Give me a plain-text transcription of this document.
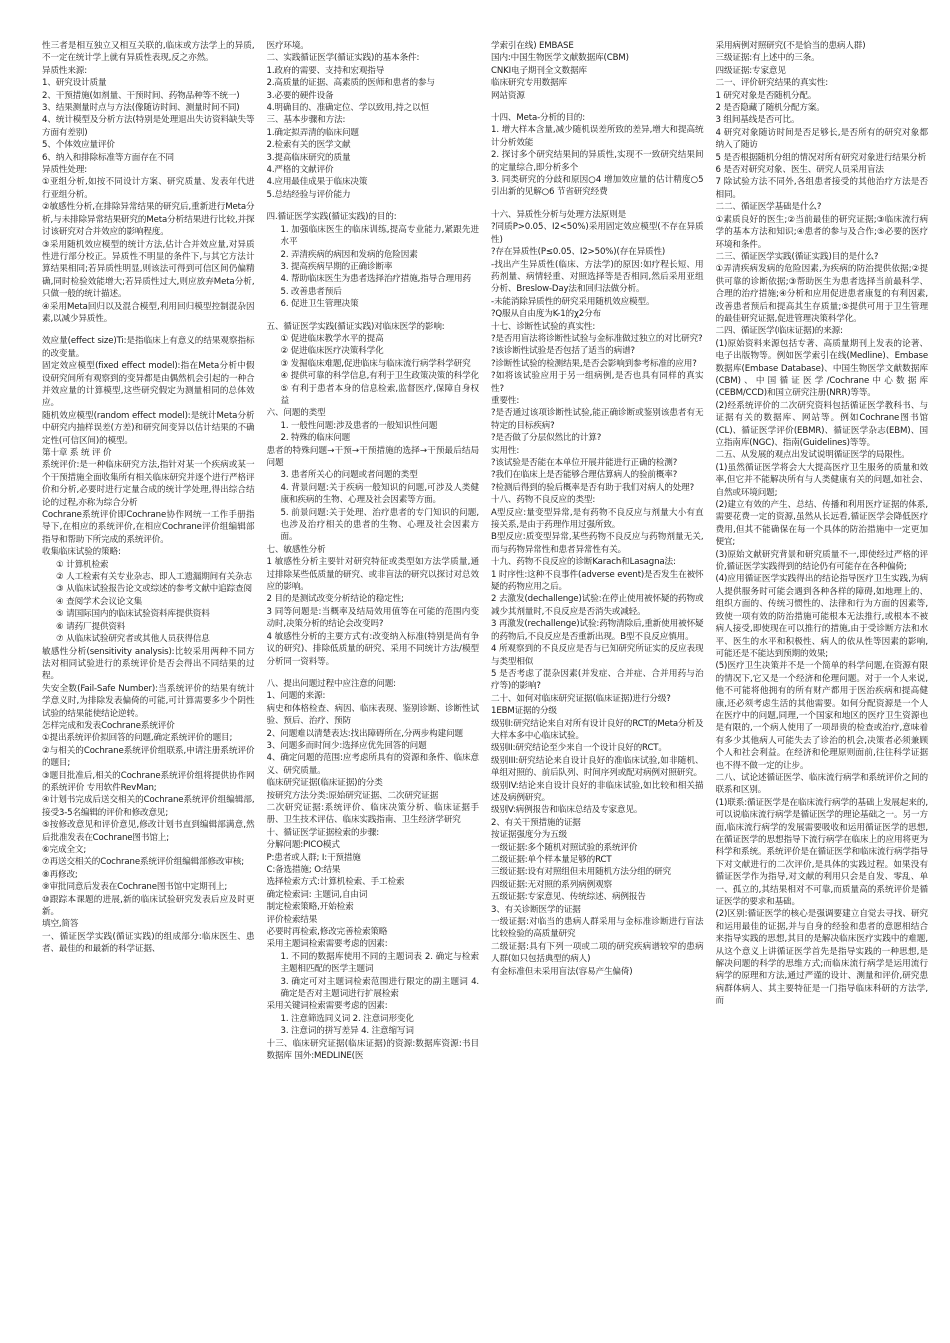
性三者是相互独立又相互关联的,临床或方法学上的异质,不一定在统计学上就有异质性表现,反之亦然。

异质性来源:

1、研究设计质量

2、干预措施(如剂量、干预时间、药物品种等不统一)

3、结果测量时点与方法(像随访时间、测量时间不同)

4、统计模型及分析方法(特别是处理退出失访资料缺失等方面有差别)

5、个体效应量评价

6、纳入和排除标准等方面存在不同

异质性处理:

①亚组分析,如按不同设计方案、研究质量、发表年代进行亚组分析。

②敏感性分析,在排除异常结果的研究后,重新进行Meta分析,与未排除异常结果研究的Meta分析结果进行比较,并探讨该研究对合并效应的影响程度。

③采用随机效应模型的统计方法,估计合并效应量,对异质性进行部分校正。异质性不明显的条件下,与其它方法计算结果相同;若异质性明显,则该法可得到可信区间仍偏精确,同时检验效能增大;若异质性过大,则应放弃Meta分析,只做一般的统计描述。

④采用Meta回归以及混合模型,利用回归模型控制混杂因素,以减少异质性。

效应量(effect size)Ti:是指临床上有意义的结果观察指标的改变量。

固定效应模型(fixed effect model):指在Meta分析中假设研究间所有观察到的变异都是由偶然机会引起的一种合并效应量的计算模型,这些研究假定为测量相同的总体效应。

随机效应模型(random effect model):是统计Meta分析中研究内抽样误差(方差)和研究间变异以估计结果的不确定性(可信区间)的模型。

第十章 系 统 评 价

系统评价:是一种临床研究方法,指针对某一个疾病或某一个干预措施全面收集所有相关临床研究并逐个进行严格评价和分析,必要时进行定量合成的统计学处理,得出综合结论的过程,亦称为综合分析

Cochrane系统评价即Cochrane协作网统一工作手册指导下,在相应的系统评价,在相应Cochrane评价组编辑部指导和帮助下所完成的系统评价。

收集临床试验的策略:

① 计算机检索

② 人工检索有关专业杂志、即人工遗漏期间有关杂志

③ 从临床试验报告论文或综述的参考文献中追踪查阅

④ 查阅学术会议论文集

⑤ 请国际国内的临床试验资料库提供资料

⑥ 请药厂提供资料

⑦ 从临床试验研究者或其他人员获得信息

敏感性分析(sensitivity analysis):比较采用两种不同方法对相同试验进行的系统评价是否会得出不同结果的过程。

失安全数(Fail-Safe Number):当系统评价的结果有统计学意义时,为排除发表偏倚的可能,可计算需要多少个阴性试验的结果能使结论逆转。

怎样完成和发表Cochrane系统评价

①提出系统评价拟回答的问题,确定系统评价的题目;

②与相关的Cochrane系统评价组联系,申请注册系统评价的题目;

③题目批准后,相关的Cochrane系统评价组将提供协作网的系统评价 专用软件RevMan;

④计划书完成后送交相关的Cochrane系统评价组编辑部,接受3-5名编辑的评价和修改意见;

⑤按修改意见和评价意见,修改计划书直到编辑部满意,然后批准发表在Cochrane图书馆上;

⑥完成全文;

⑦再送交相关的Cochrane系统评价组编辑部修改审核;

⑧再修改;

⑨审批同意后发表在Cochrane图书馆中定期刊上;

⑩跟踪本课题的进展,新的临床试验研究发表后应及时更新。

填空,简答

一、循证医学实践(循证实践)的组成部分:临床医生、患者、最佳的和最新的科学证据、

医疗环境。

二、实践循证医学(循证实践)的基本条件:

1.政府的需要、支持和宏观指导

2.高质量的证据、高素质的医师和患者的参与

3.必要的硬件设备

4.明确目的、准确定位、学以致用,持之以恒

三、基本步骤和方法:

1.确定拟弄清的临床问题

2.检索有关的医学文献

3.提高临床研究的质量

4.严格的文献评价

4.应用最佳成果于临床决策

5.总结经验与评价能力

四.循证医学实践(循证实践)的目的:

1. 加强临床医生的临床训练,提高专业能力,紧跟先进水平

2. 弄清疾病的病因和发病的危险因素

3. 提高疾病早期的正确诊断率

4. 帮助临床医生为患者选择治疗措施,指导合理用药

5. 改善患者预后

6. 促进卫生管理决策

五、循证医学实践(循证实践)对临床医学的影响:

① 促进临床教学水平的提高

② 促进临床医疗决策科学化

③ 发掘临床难题,促进临床与临床流行病学科学研究

④ 提供可靠的科学信息,有利于卫生政策决策的科学化

⑤ 有利于患者本身的信息检索,监督医疗,保障自身权益

六、问题的类型

1. 一般性问题:涉及患者的一般知识性问题

2. 特殊的临床问题

患者的特殊问题→干预→干预措施的选择→干预最后结局问题

3. 患者所关心的问题或者问题的类型

4. 背景问题:关于疾病一般知识的问题,可涉及人类健康和疾病的生物、心理及社会因素等方面。

5. 前景问题:关于处理、治疗患者的专门知识的问题,也涉及治疗相关的患者的生物、心理及社会因素方面。

七、敏感性分析

1 敏感性分析主要针对研究特征或类型如方法学质量,通过排除某些低质量的研究、或非盲法的研究以探讨对总效应的影响。

2 目的是测试改变分析结论的稳定性;

3 同等问题是:当概率及结局效用值等在可能的范围内变动时,决策分析的结论会改变吗?

4 敏感性分析的主要方式有:改变纳入标准(特别是尚有争议的研究)、排除低质量的研究、采用不同统计方法/模型分析同一资料等。

八、提出问题过程中应注意的问题:

1、问题的来源:

病史和体格检查、病因、临床表现、鉴别诊断、诊断性试验、预后、治疗、预防

2、问题难以清楚表达:找出障碍所在,分两步构建问题

3、问题多而时间少:选择应优先回答的问题

4、确定问题的范围:应考虑所具有的资源和条件、临床意义、研究质量。

临床研究证据(临床证据)的分类

按研究方法分类:原始研究证据、二次研究证据

二次研究证据:系统评价、临床决策分析、临床证据手册、卫生技术评估、临床实践指南、卫生经济学研究

十、循证医学证据检索的步骤:

分解问题:PICO模式

P:患者或人群; I:干预措施

C:备选措施; O:结果

选择检索方式:计算机检索、手工检索

确定检索词: 主题词,自由词

制定检索策略,开始检索

评价检索结果

必要时再检索,修改完善检索策略

采用主题词检索需要考虑的因素:

1. 不同的数据库使用不同的主题词表 2. 确定与检索主题相匹配的医学主题词

3. 确定可对主题词检索范围进行限定的副主题词 4. 确定是否对主题词进行扩展检索

采用关键词检索需要考虑的因素:

1. 注意筛选同义词 2. 注意词形变化

3. 注意词的拼写差异 4. 注意缩写词

十三、临床研究证据(临床证据)的资源:数据库资源:书目数据库 国外:MEDLINE(医

学索引在线) EMBASE

国内:中国生物医学文献数据库(CBM)

CNKI电子期刊全文数据库

临床研究专用数据库

网站资源

十四、Meta-分析的目的:

1. 增大样本含量,减少随机误差所致的差异,增大和提高统计分析效能

2. 探讨多个研究结果间的异质性,实现不一致研究结果间的定量综合,即分析多个

3. 同类研究的分歧和原因○4 增加效应量的估计精度○5 引出新的见解○6 节省研究经费

十六、异质性分析与处理方法原则是

?同质P>0.05、I2<50%)采用固定效应模型(不存在异质性)

?存在异质性(P≤0.05、I2>50%)(存在异质性)

-找出产生异质性(临床、方法学)的原因:如疗程长短、用药剂量、病情轻重、对照选择等是否相同,然后采用亚组分析、Breslow-Day法和回归法做分析。

-未能消除异质性的研究采用随机效应模型。

?Q服从自由度为K-1的χ2分布

十七、诊断性试验的真实性:

?是否用盲法将诊断性试验与金标准做过独立的对比研究?

?该诊断性试验是否包括了适当的病谱?

?诊断性试验的检测结果,是否会影响到参考标准的应用?

?如将该试验应用于另一组病例,是否也具有同样的真实性?

重要性:

?是否通过该项诊断性试验,能正确诊断或鉴别该患者有无特定的目标疾病?

?是否做了分层似然比的计算?

实用性:

?该试验是否能在本单位开展并能进行正确的检测?

?我们在临床上是否能够合理估算病人的验前概率?

?检测后得到的验后概率是否有助于我们对病人的处理?

十八、药物不良反应的类型:

A型反应:量变型异常,是有药物不良反应与剂量大小有直接关系,是由于药理作用过强所致。

B型反应:质变型异常,某些药物不良反应与药物剂量无关,而与药物异常性和患者异常性有关。

十九、药物不良反应的诊断Karach和Lasagna法:

1 时序性:这种不良事件(adverse event)是否发生在被怀疑的药物应用之后。

2 去激发(dechallenge)试验:在停止使用被怀疑的药物或减少其剂量时,不良反应是否消失或减轻。

3 再激发(rechallenge)试验:药物清除后,重新使用被怀疑的药物后,不良反应是否重新出现。B型不良反应慎用。

4 所观察到的不良反应是否与已知研究所证实的反应表现与类型相似

5 是否考虑了混杂因素(并发症、合并症、合并用药与治疗等)的影响?

二十、如何对临床研究证据(临床证据)进行分级?

1EBM证据的分级

级别I:研究结论来自对所有设计良好的RCT的Meta分析及大样本多中心临床试验。

级别II:研究结论至少来自一个设计良好的RCT。

级别III:研究结论来自设计良好的准临床试验,如非随机、单组对照的、前后队列、时间序列或配对病例对照研究。

级别IV:结论来自设计良好的非临床试验,如比较和相关描述及病例研究。

级别V:病例报告和临床总结及专家意见。

2、有关干预措施的证据

按证据强度分为五级

一级证据:多个随机对照试验的系统评价

二级证据:单个样本量足够的RCT

三级证据:设有对照组但未用随机方法分组的研究

四级证据:无对照的系列病例观察

五级证据:专家意见、传统综述、病例报告

3、有关诊断医学的证据

一级证据:对临当的患病人群采用与金标准诊断进行盲法比较检验的高质量研究

二级证据:具有下列一项或二项的研究疾病谱较窄的患病人群(如只包括典型的病人)

有金标准但未采用盲法(容易产生偏倚)

采用病例对照研究(不是恰当的患病人群)

三级证据:有上述中的三条。

四级证据:专家意见

二一、评价研究结果的真实性:

1 研究对象是否随机分配。

2 是否隐藏了随机分配方案。

3 组间基线是否可比。

4 研究对象随访时间是否足够长,是否所有的研究对象都纳入了随访

5 是否根据随机分组的情况对所有研究对象进行结果分析

6 是否对研究对象、医生、研究人员采用盲法

7 除试验方法不同外,各组患者接受的其他治疗方法是否相同。

二二、循证医学基础是什么?

①素质良好的医生;②当前最佳的研究证据;③临床流行病学的基本方法和知识;④患者的参与及合作;⑤必要的医疗环境和条件。

二三、循证医学实践(循证实践)目的是什么?

①弄清疾病发病的危险因素,为疾病的防治提供依据;②提供可靠的诊断依据;③帮助医生为患者选择当前最科学、合理的治疗措施;④分析和应用促进患者康复的有利因素,改善患者预后和提高其生存质量;⑤提供可用于卫生管理的最佳研究证据,促进管理决策科学化。

二四、循证医学(临床证据)的来源:

(1)原始资料来源包括专著、高质量期刊上发表的论著、电子出版物等。例如医学索引在线(Medline)、Embase数据库(Embase Database)、中国生物医学文献数据库(CBM)、中国循证医学/Cochrane中心数据库(CEBM/CCD)和国立研究注册(NRR)等等。

(2)经系统评价的二次研究资料包括循证医学教科书、与证据有关的数据库、网站等。例如Cochrane图书馆(CL)、循证医学评价(EBMR)、循证医学杂志(EBM)、国立指南库(NGC)、指南(Guidelines)等等。

二五、从发展的观点出发试说明循证医学的局限性。

(1)虽然循证医学将会大大提高医疗卫生服务的质量和效率,但它并不能解决所有与人类健康有关的问题,如社会、自然或环境问题;

(2)建立有效的产生、总结、传播和利用医疗证据的体系,需要花费一定的资源,虽然从长远看,循证医学会降低医疗费用,但其不能确保在每一个具体的防治措施中一定更加便宜;

(3)原始文献研究背景和研究质量不一,即使经过严格的评价,循证医学实践得到的结论仍有可能存在各种偏倚;

(4)应用循证医学实践得出的结论指导医疗卫生实践,为病人提供服务时可能会遇到各种各样的障碍,如地理上的、组织方面的、传统习惯性的、法律和行为方面的因素等,致使一项有效的防治措施可能根本无法推行,或根本不被病人接受,即使现在可以推行的措施,由于受诊断方法和水平、医生的水平和积极性、病人的依从性等因素的影响,可能还是不能达到预期的效果;

(5)医疗卫生决策并不是一个简单的科学问题,在资源有限的情况下,它又是一个经济和伦理问题。对于一个人来说,他不可能将他拥有的所有财产都用于医治疾病和提高健康,还必须考虑生活的其他需要。如何分配资源是一个人在医疗中的问题,同理,一个国家和地区的医疗卫生资源也是有限的,一个病人使用了一项昂贵的检查或治疗,意味着有多少其他病人可能失去了诊治的机会,决策者必须兼顾个人和社会利益。在经济和伦理原则面前,往往科学证据也不得不做一定的让步。

二八、试论述循证医学、临床流行病学和系统评价之间的联系和区别。

(1)联系:循证医学是在临床流行病学的基础上发展起来的,可以说临床流行病学是循证医学的理论基础之一。另一方面,临床流行病学的发展需要吸收和运用循证医学的思想,在循证医学的思想指导下流行病学在临床上的应用将更为科学和系统。系统评价是在循证医学和临床流行病学指导下对文献进行的二次评价,是具体的实践过程。如果没有循证医学作为指导,对文献的利用只会是自发、零乱、单一、孤立的,其结果相对不可靠,而质量高的系统评价是循证医学的要求和基础。

(2)区别:循证医学的核心是强调要建立自觉去寻找、研究和运用最佳的证据,并与自身的经验和患者的意愿相结合来指导实践的思想,其目的是解决临床医疗实践中的难题,从这个意义上讲循证医学首先是指导实践的一种思想,是解决问题的科学的思维方式;而临床流行病学是运用流行病学的原理和方法,通过严谨的设计、测量和评价,研究患病群体病人、其主要特征是一门指导临床科研的方法学,而
